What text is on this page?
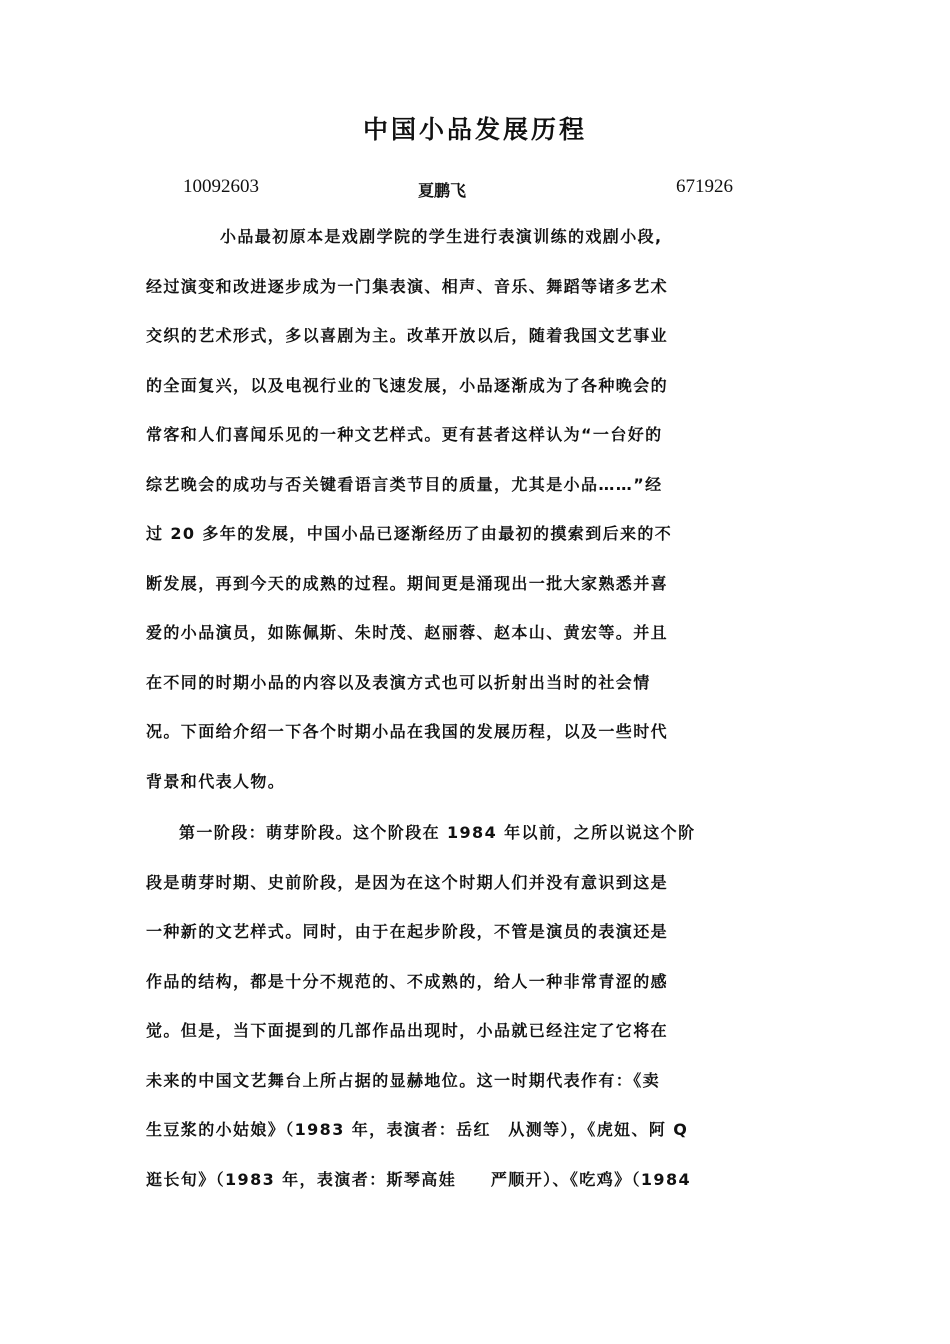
中国小品发展历程
10092603	夏鹏飞	671926
小品最初原本是戏剧学院的学生进行表演训练的戏剧小段,
经过演变和改进逐步成为一门集表演、相声、音乐、舞蹈等诸多艺术
交织的艺术形式，多以喜剧为主。改革开放以后，随着我国文艺事业
的全面复兴，以及电视行业的飞速发展，小品逐渐成为了各种晚会的
常客和人们喜闻乐见的一种文艺样式。更有甚者这样认为“一台好的
综艺晚会的成功与否关键看语言类节目的质量，尤其是小品……”经
过 20 多年的发展，中国小品已逐渐经历了由最初的摸索到后来的不
断发展，再到今天的成熟的过程。期间更是涌现出一批大家熟悉并喜
爱的小品演员，如陈佩斯、朱时茂、赵丽蓉、赵本山、黄宏等。并且
在不同的时期小品的内容以及表演方式也可以折射出当时的社会情
况。下面给介绍一下各个时期小品在我国的发展历程，以及一些时代
背景和代表人物。
第一阶段：萌芽阶段。这个阶段在 1984 年以前，之所以说这个阶
段是萌芽时期、史前阶段，是因为在这个时期人们并没有意识到这是
一种新的文艺样式。同时，由于在起步阶段，不管是演员的表演还是
作品的结构，都是十分不规范的、不成熟的，给人一种非常青涩的感
觉。但是，当下面提到的几部作品出现时，小品就已经注定了它将在
未来的中国文艺舞台上所占据的显赫地位。这一时期代表作有：《卖
生豆浆的小姑娘》（1983 年，表演者：岳红　从测等），《虎妞、阿 Q
逛长旬》（1983 年，表演者：斯琴高娃　　严顺开）、《吃鸡》（1984
